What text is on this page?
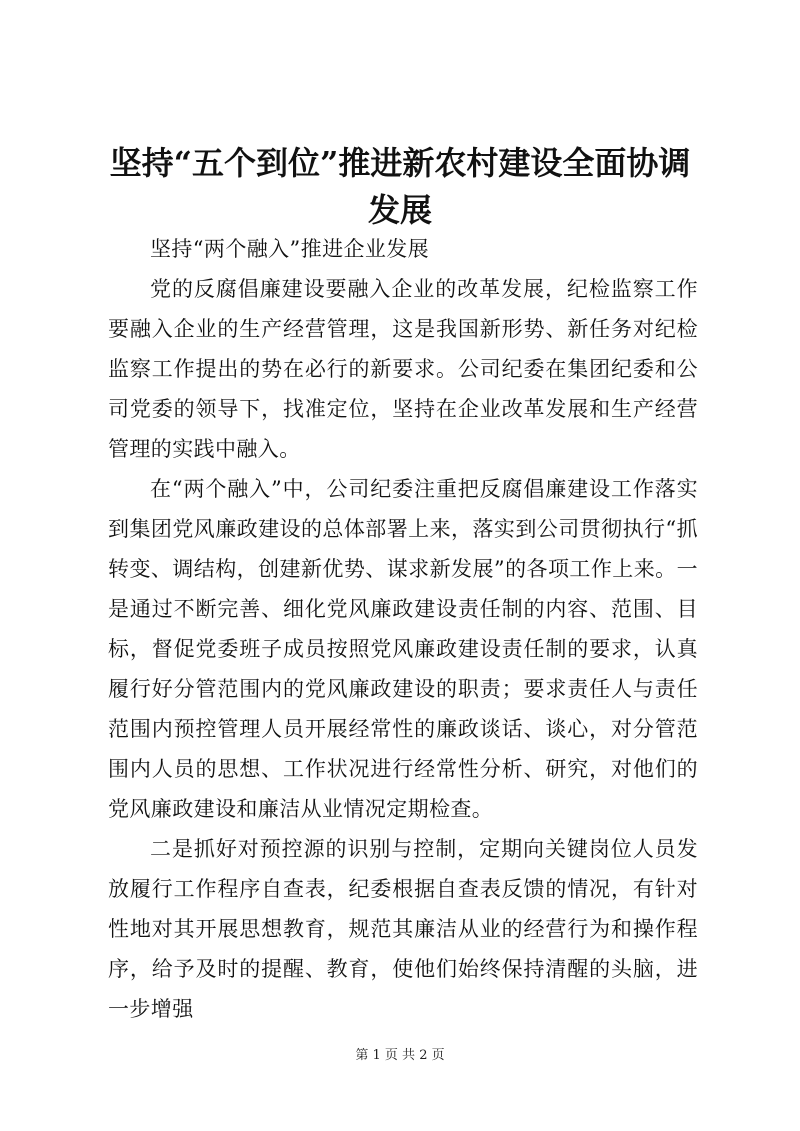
坚持“五个到位”推进新农村建设全面协调发展

坚持“两个融入”推进企业发展

党的反腐倡廉建设要融入企业的改革发展，纪检监察工作要融入企业的生产经营管理，这是我国新形势、新任务对纪检监察工作提出的势在必行的新要求。公司纪委在集团纪委和公司党委的领导下，找准定位，坚持在企业改革发展和生产经营管理的实践中融入。

在“两个融入”中，公司纪委注重把反腐倡廉建设工作落实到集团党风廉政建设的总体部署上来，落实到公司贯彻执行“抓转变、调结构，创建新优势、谋求新发展”的各项工作上来。一是通过不断完善、细化党风廉政建设责任制的内容、范围、目标，督促党委班子成员按照党风廉政建设责任制的要求，认真履行好分管范围内的党风廉政建设的职责；要求责任人与责任范围内预控管理人员开展经常性的廉政谈话、谈心，对分管范围内人员的思想、工作状况进行经常性分析、研究，对他们的党风廉政建设和廉洁从业情况定期检查。

二是抓好对预控源的识别与控制，定期向关键岗位人员发放履行工作程序自查表，纪委根据自查表反馈的情况，有针对性地对其开展思想教育，规范其廉洁从业的经营行为和操作程序，给予及时的提醒、教育，使他们始终保持清醒的头脑，进一步增强

第 1 页 共 2 页
